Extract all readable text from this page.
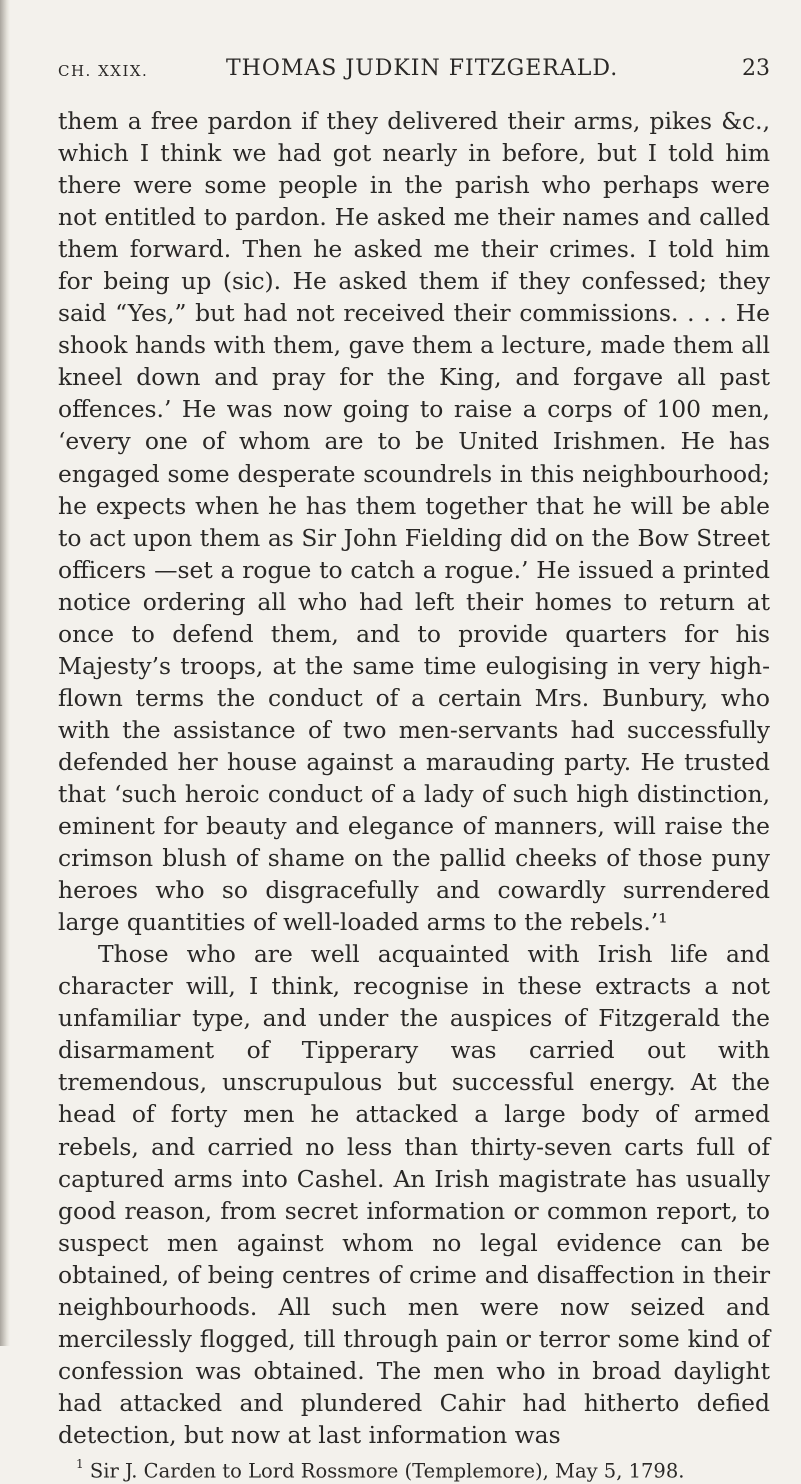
CH. XXIX.	THOMAS JUDKIN FITZGERALD.	23

them a free pardon if they delivered their arms, pikes &c., which I think we had got nearly in before, but I told him there were some people in the parish who perhaps were not entitled to pardon. He asked me their names and called them forward. Then he asked me their crimes. I told him for being up (sic). He asked them if they confessed; they said “Yes,” but had not received their commissions. . . . He shook hands with them, gave them a lecture, made them all kneel down and pray for the King, and forgave all past offences.’ He was now going to raise a corps of 100 men, ‘every one of whom are to be United Irishmen. He has engaged some desperate scoundrels in this neighbourhood; he expects when he has them together that he will be able to act upon them as Sir John Fielding did on the Bow Street officers —set a rogue to catch a rogue.’ He issued a printed notice ordering all who had left their homes to return at once to defend them, and to provide quarters for his Majesty’s troops, at the same time eulogising in very high-flown terms the conduct of a certain Mrs. Bunbury, who with the assistance of two men-servants had successfully defended her house against a marauding party. He trusted that ‘such heroic conduct of a lady of such high distinction, eminent for beauty and elegance of manners, will raise the crimson blush of shame on the pallid cheeks of those puny heroes who so disgracefully and cowardly surrendered large quantities of well-loaded arms to the rebels.’¹

Those who are well acquainted with Irish life and character will, I think, recognise in these extracts a not unfamiliar type, and under the auspices of Fitzgerald the disarmament of Tipperary was carried out with tremendous, unscrupulous but successful energy. At the head of forty men he attacked a large body of armed rebels, and carried no less than thirty-seven carts full of captured arms into Cashel. An Irish magistrate has usually good reason, from secret information or common report, to suspect men against whom no legal evidence can be obtained, of being centres of crime and disaffection in their neighbourhoods. All such men were now seized and mercilessly flogged, till through pain or terror some kind of confession was obtained. The men who in broad daylight had attacked and plundered Cahir had hitherto defied detection, but now at last information was

$^1$ Sir J. Carden to Lord Rossmore (Templemore), May 5, 1798.
